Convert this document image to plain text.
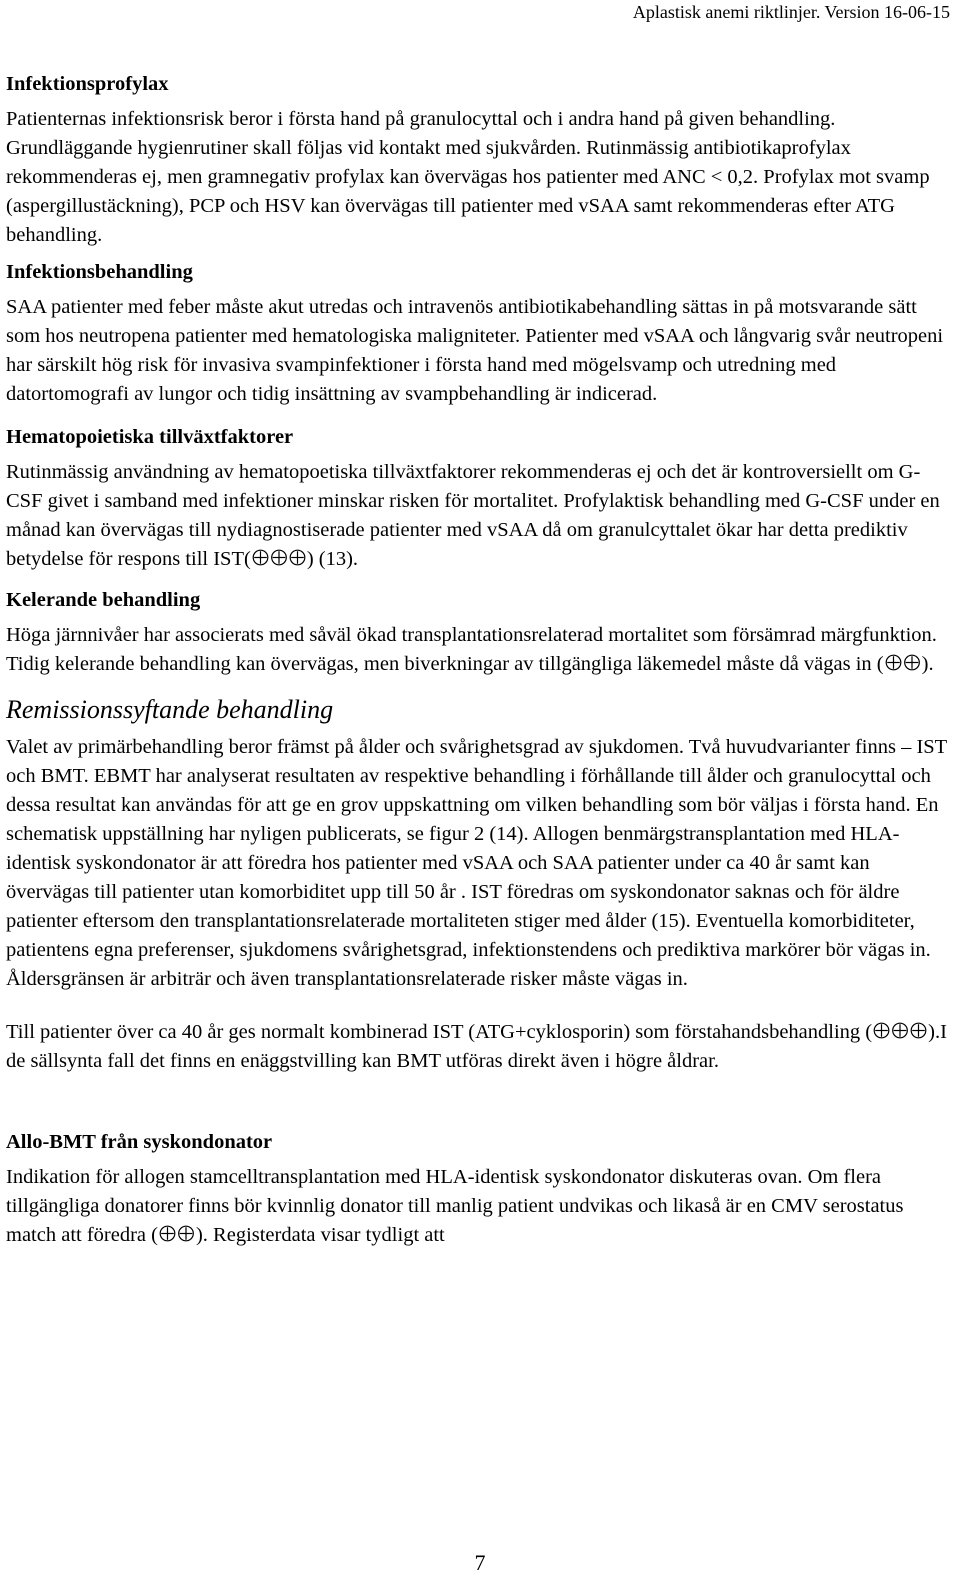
Aplastisk anemi riktlinjer. Version 16-06-15

Infektionsprofylax

Patienternas infektionsrisk beror i första hand på granulocyttal och i andra hand på given behandling. Grundläggande hygienrutiner skall följas vid kontakt med sjukvården. Rutinmässig antibiotikaprofylax rekommenderas ej, men gramnegativ profylax kan övervägas hos patienter med ANC < 0,2. Profylax mot svamp (aspergillustäckning), PCP och HSV kan övervägas till patienter med vSAA samt rekommenderas efter ATG behandling.

Infektionsbehandling

SAA patienter med feber måste akut utredas och intravenös antibiotikabehandling sättas in på motsvarande sätt som hos neutropena patienter med hematologiska maligniteter. Patienter med vSAA och långvarig svår neutropeni har särskilt hög risk för invasiva svampinfektioner i första hand med mögelsvamp och utredning med datortomografi av lungor och tidig insättning av svampbehandling är indicerad.

Hematopoietiska tillväxtfaktorer

Rutinmässig användning av hematopoetiska tillväxtfaktorer rekommenderas ej och det är kontroversiellt om G-CSF givet i samband med infektioner minskar risken för mortalitet. Profylaktisk behandling med G-CSF under en månad kan övervägas till nydiagnostiserade patienter med vSAA då om granulcyttalet ökar har detta prediktiv betydelse för respons till IST(	) (13).

Kelerande behandling

Höga järnnivåer har associerats med såväl ökad transplantationsrelaterad mortalitet som försämrad märgfunktion. Tidig kelerande behandling kan övervägas, men biverkningar av tillgängliga läkemedel måste då vägas in ( ).

Remissionssyftande behandling

Valet av primärbehandling beror främst på ålder och svårighetsgrad av sjukdomen. Två huvudvarianter finns – IST och BMT. EBMT har analyserat resultaten av respektive behandling i förhållande till ålder och granulocyttal och dessa resultat kan användas för att ge en grov uppskattning om vilken behandling som bör väljas i första hand. En schematisk uppställning har nyligen publicerats, se figur 2 (14). Allogen benmärgstransplantation med HLA-identisk syskondonator är att föredra hos patienter med vSAA och SAA patienter under ca 40 år samt kan övervägas till patienter utan komorbiditet upp till 50 år . IST föredras om syskondonator saknas och för äldre patienter eftersom den transplantationsrelaterade mortaliteten stiger med ålder (15). Eventuella komorbiditeter, patientens egna preferenser, sjukdomens svårighetsgrad, infektionstendens och prediktiva markörer bör vägas in. Åldersgränsen är arbiträr och även transplantationsrelaterade risker måste vägas in.

Till patienter över ca 40 år ges normalt kombinerad IST (ATG+cyklosporin) som förstahandsbehandling (	).I de sällsynta fall det finns en enäggstvilling kan BMT utföras direkt även i högre åldrar.

Allo-BMT från syskondonator

Indikation för allogen stamcelltransplantation med HLA-identisk syskondonator diskuteras ovan. Om flera tillgängliga donatorer finns bör kvinnlig donator till manlig patient undvikas och likaså är en CMV serostatus match att föredra ( ). Registerdata visar tydligt att

7
